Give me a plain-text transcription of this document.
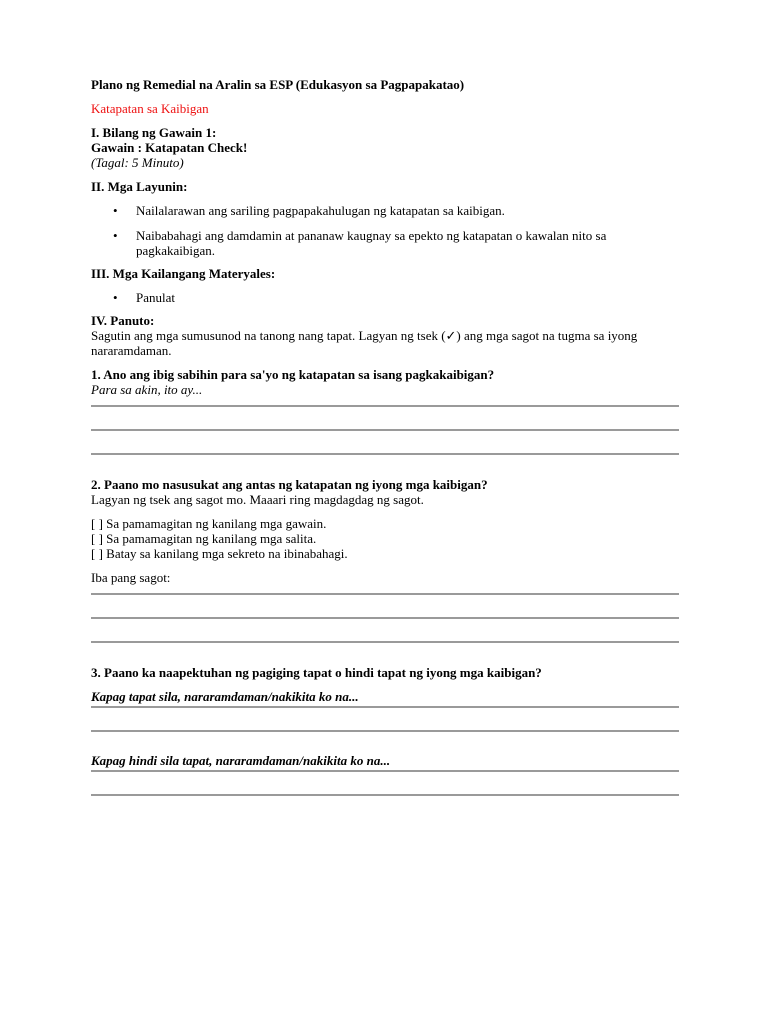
Plano ng Remedial na Aralin sa ESP (Edukasyon sa Pagpapakatao)

Katapatan sa Kaibigan

I. Bilang ng Gawain 1:

Gawain : Katapatan Check!

(Tagal: 5 Minuto)

II. Mga Layunin:

• Nailalarawan ang sariling pagpapakahulugan ng katapatan sa kaibigan.
• Naibabahagi ang damdamin at pananaw kaugnay sa epekto ng katapatan o kawalan nito sa
pagkakaibigan.

III. Mga Kailangang Materyales:

• Panulat

IV. Panuto:

Sagutin ang mga sumusunod na tanong nang tapat. Lagyan ng tsek (✓) ang mga sagot na tugma sa iyong

nararamdaman.

1. Ano ang ibig sabihin para sa'yo ng katapatan sa isang pagkakaibigan?

Para sa akin, ito ay...

2. Paano mo nasusukat ang antas ng katapatan ng iyong mga kaibigan?

Lagyan ng tsek ang sagot mo. Maaari ring magdagdag ng sagot.

[ ] Sa pamamagitan ng kanilang mga gawain.

[ ] Sa pamamagitan ng kanilang mga salita.

[ ] Batay sa kanilang mga sekreto na ibinabahagi.

Iba pang sagot:

3. Paano ka naapektuhan ng pagiging tapat o hindi tapat ng iyong mga kaibigan?

Kapag tapat sila, nararamdaman/nakikita ko na...

Kapag hindi sila tapat, nararamdaman/nakikita ko na...
